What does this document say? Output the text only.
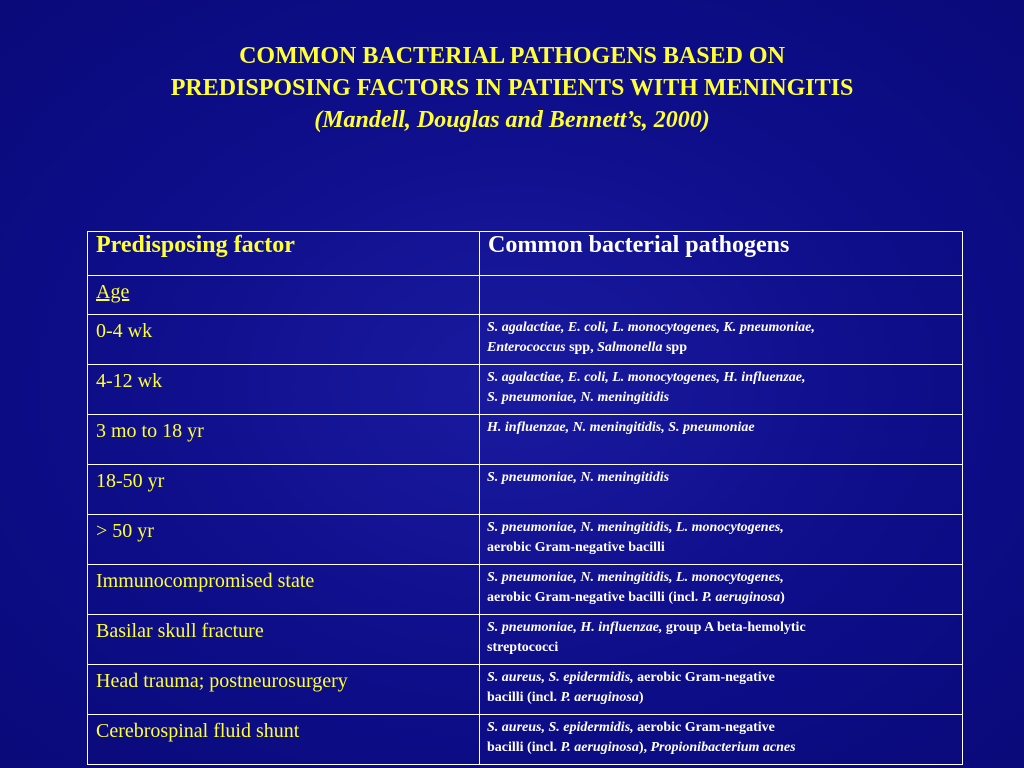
COMMON BACTERIAL PATHOGENS BASED ON
PREDISPOSING FACTORS IN PATIENTS WITH MENINGITIS
(Mandell, Douglas and Bennett’s, 2000)
Predisposing factor	Common bacterial pathogens
Age	
0-4 wk	S. agalactiae, E. coli, L. monocytogenes, K. pneumoniae,
Enterococcus spp, Salmonella spp
4-12 wk	S. agalactiae, E. coli, L. monocytogenes, H. influenzae,
S. pneumoniae, N. meningitidis
3 mo to 18 yr	H. influenzae, N. meningitidis, S. pneumoniae
18-50 yr	S. pneumoniae, N. meningitidis
> 50 yr	S. pneumoniae, N. meningitidis, L. monocytogenes,
aerobic Gram-negative bacilli
Immunocompromised state	S. pneumoniae, N. meningitidis, L. monocytogenes,
aerobic Gram-negative bacilli (incl. P. aeruginosa)
Basilar skull fracture	S. pneumoniae, H. influenzae, group A beta-hemolytic
streptococci
Head trauma; postneurosurgery	S. aureus, S. epidermidis, aerobic Gram-negative
bacilli (incl. P. aeruginosa)
Cerebrospinal fluid shunt	S. aureus, S. epidermidis, aerobic Gram-negative
bacilli (incl. P. aeruginosa), Propionibacterium acnes
